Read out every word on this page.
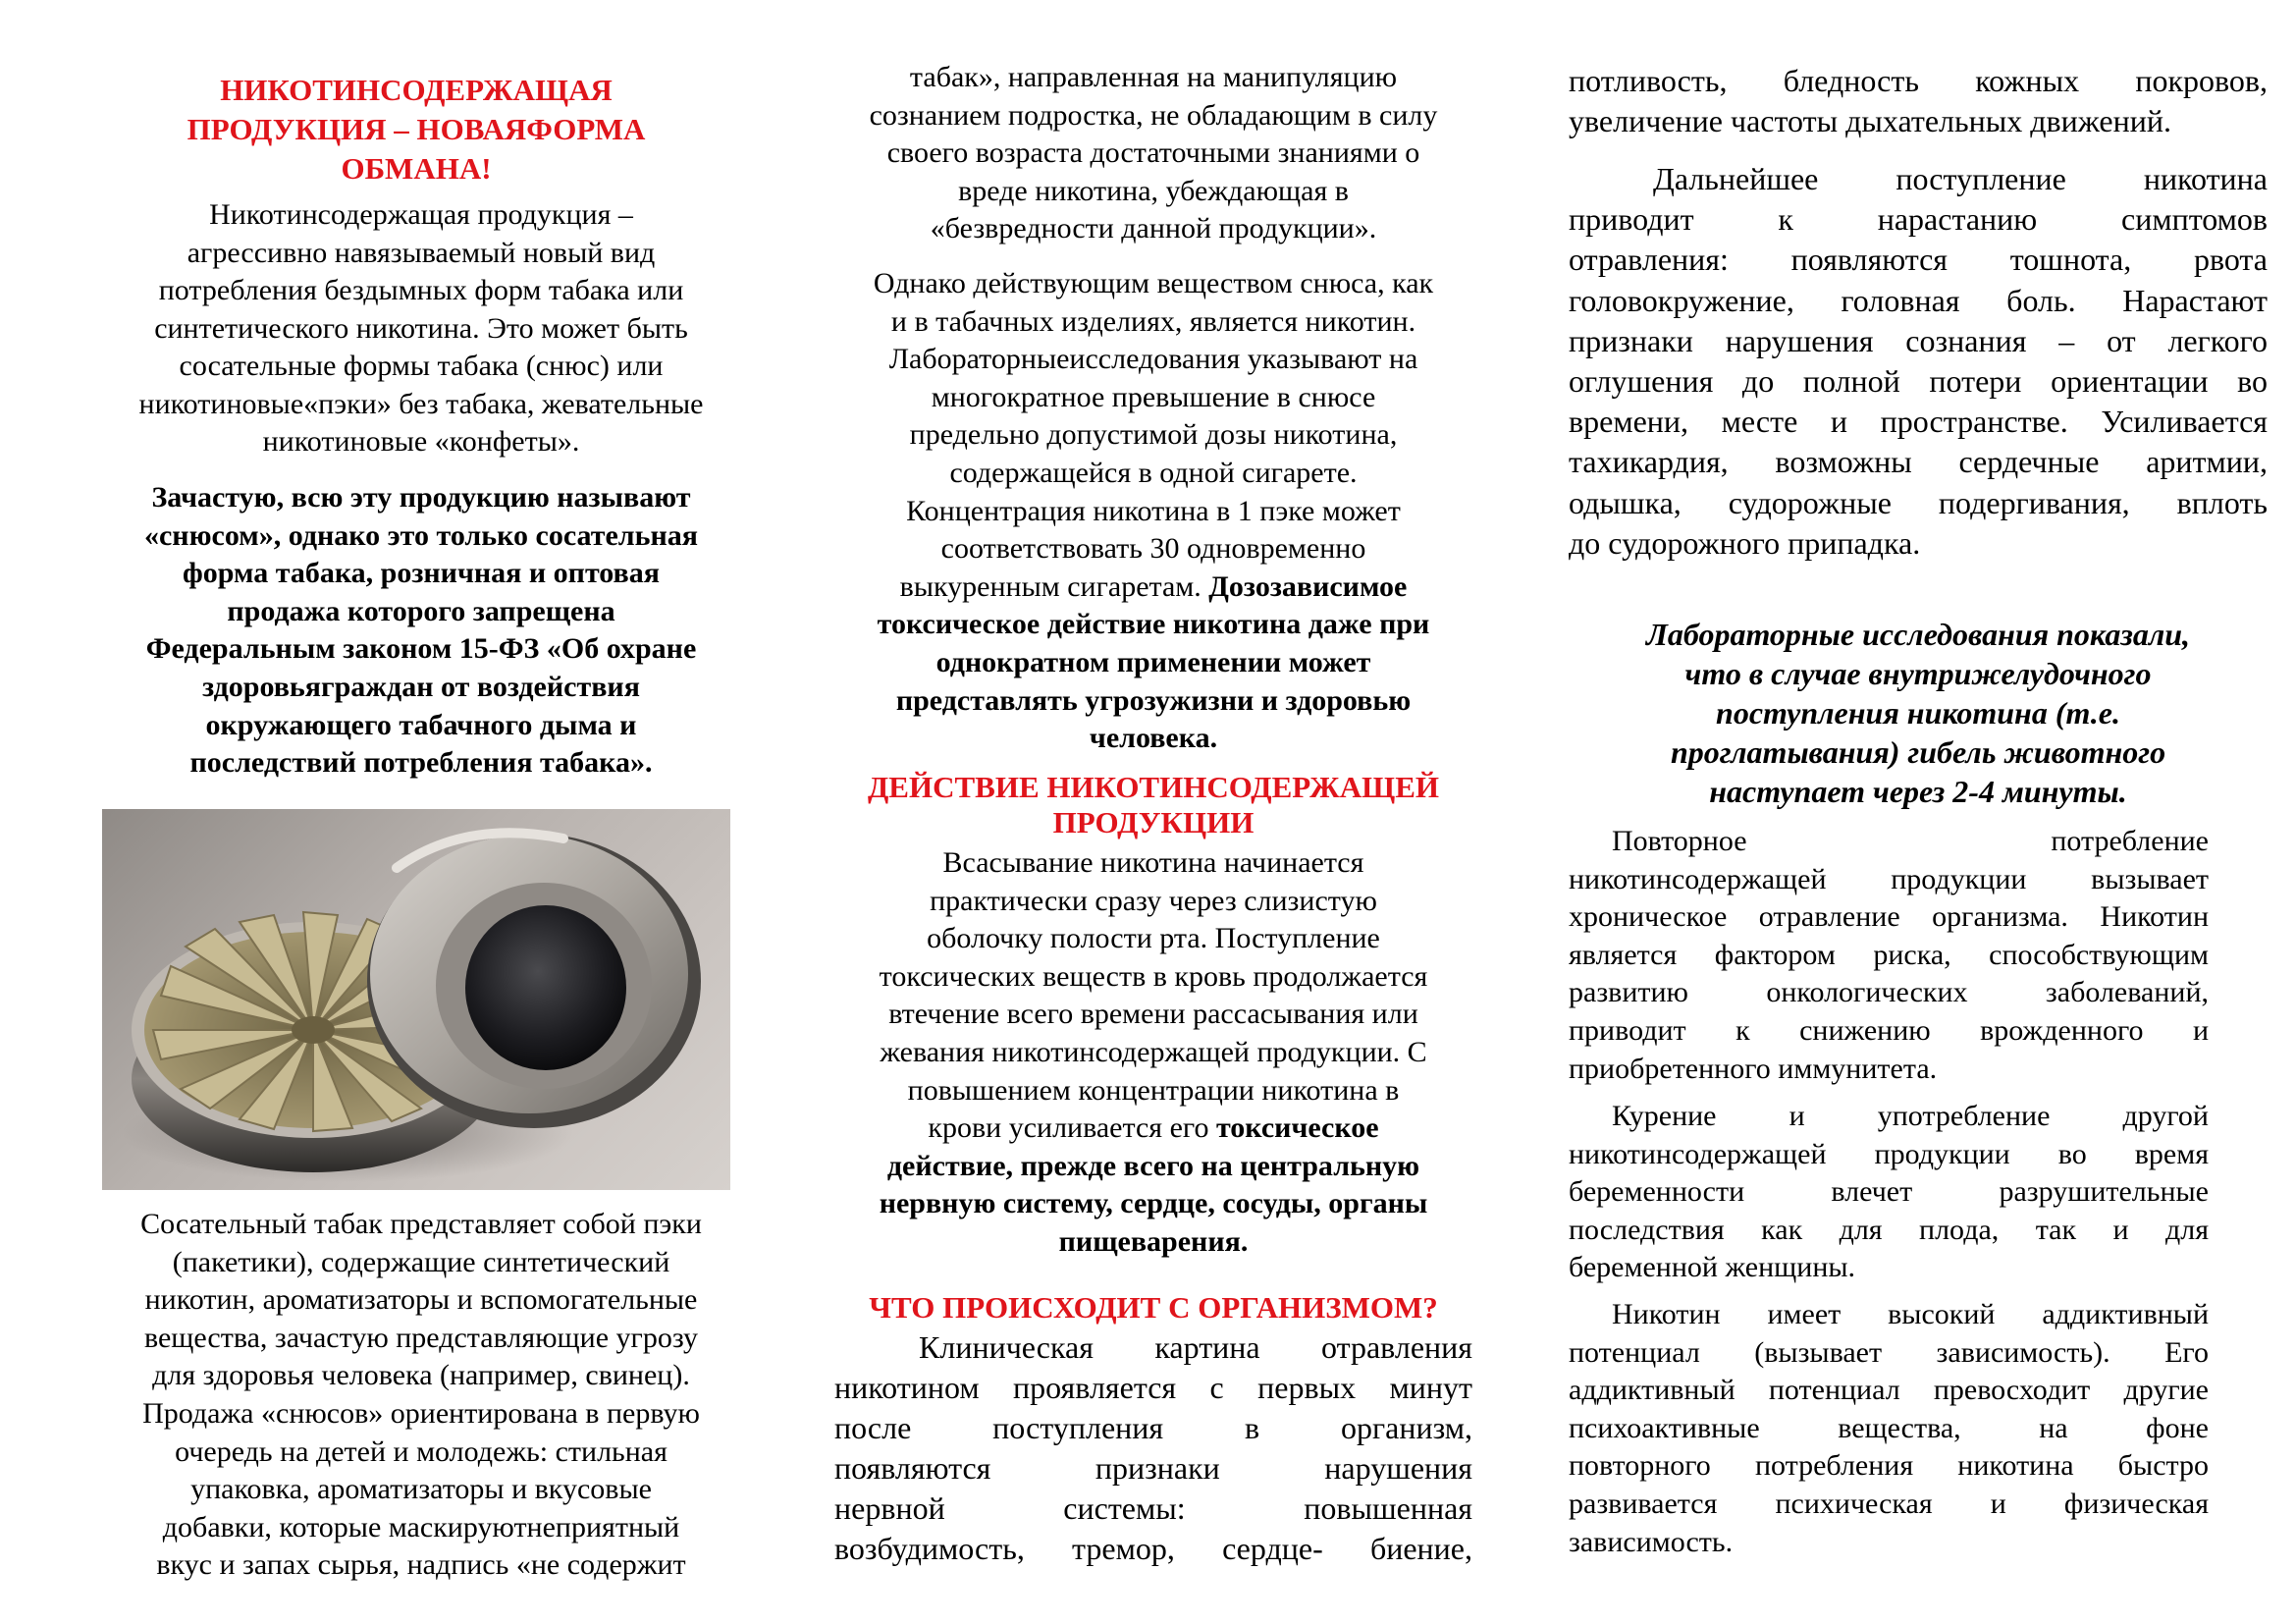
НИКОТИНСОДЕРЖАЩАЯ
ПРОДУКЦИЯ – НОВАЯФОРМА
ОБМАНА!
Никотинсодержащая продукция –
агрессивно навязываемый новый вид
потребления бездымных форм табака или
синтетического никотина. Это может быть
сосательные формы табака (снюс) или
никотиновые«пэки» без табака, жевательные
никотиновые «конфеты».
Зачастую, всю эту продукцию называют
«снюсом», однако это только сосательная
форма табака, розничная и оптовая
продажа которого запрещена
Федеральным законом 15-ФЗ «Об охране
здоровьяграждан от воздействия
окружающего табачного дыма и
последствий потребления табака».
Сосательный табак представляет собой пэки
(пакетики), содержащие синтетический
никотин, ароматизаторы и вспомогательные
вещества, зачастую представляющие угрозу
для здоровья человека (например, свинец).
Продажа «снюсов» ориентирована в первую
очередь на детей и молодежь: стильная
упаковка, ароматизаторы и вкусовые
добавки, которые маскируютнеприятный
вкус и запах сырья, надпись «не содержит
табак», направленная на манипуляцию
сознанием подростка, не обладающим в силу
своего возраста достаточными знаниями о
вреде никотина, убеждающая в
«безвредности данной продукции».
Однако действующим веществом снюса, как
и в табачных изделиях, является никотин.
Лабораторныеисследования указывают на
многократное превышение в снюсе
предельно допустимой дозы никотина,
содержащейся в одной сигарете.
Концентрация никотина в 1 пэке может
соответствовать 30 одновременно
выкуренным сигаретам. Дозозависимое
токсическое действие никотина даже при
однократном применении может
представлять угрозужизни и здоровью
человека.
ДЕЙСТВИЕ НИКОТИНСОДЕРЖАЩЕЙ
ПРОДУКЦИИ
Всасывание никотина начинается
практически сразу через слизистую
оболочку полости рта. Поступление
токсических веществ в кровь продолжается
втечение всего времени рассасывания или
жевания никотинсодержащей продукции. С
повышением концентрации никотина в
крови усиливается его токсическое
действие, прежде всего на центральную
нервную систему, сердце, сосуды, органы
пищеварения.
ЧТО ПРОИСХОДИТ С ОРГАНИЗМОМ?
Клиническая картина отравления
никотином проявляется с первых минут
после поступления в организм,
появляются признаки нарушения
нервной системы: повышенная
возбудимость, тремор, сердце- биение,
потливость, бледность кожных покровов,
увеличение частоты дыхательных движений.
Дальнейшее поступление никотина
приводит к нарастанию симптомов
отравления: появляются тошнота, рвота
головокружение, головная боль. Нарастают
признаки нарушения сознания – от легкого
оглушения до полной потери ориентации во
времени, месте и пространстве. Усиливается
тахикардия, возможны сердечные аритмии,
одышка, судорожные подергивания, вплоть
до судорожного припадка.
Лабораторные исследования показали,
что в случае внутрижелудочного
поступления никотина (т.е.
проглатывания) гибель животного
наступает через 2-4 минуты.
Повторное потребление
никотинсодержащей продукции вызывает
хроническое отравление организма. Никотин
является фактором риска, способствующим
развитию онкологических заболеваний,
приводит к снижению врожденного и
приобретенного иммунитета.
Курение и употребление другой
никотинсодержащей продукции во время
беременности влечет разрушительные
последствия как для плода, так и для
беременной женщины.
Никотин имеет высокий аддиктивный
потенциал (вызывает зависимость). Его
аддиктивный потенциал превосходит другие
психоактивные вещества, на фоне
повторного потребления никотина быстро
развивается психическая и физическая
зависимость.
